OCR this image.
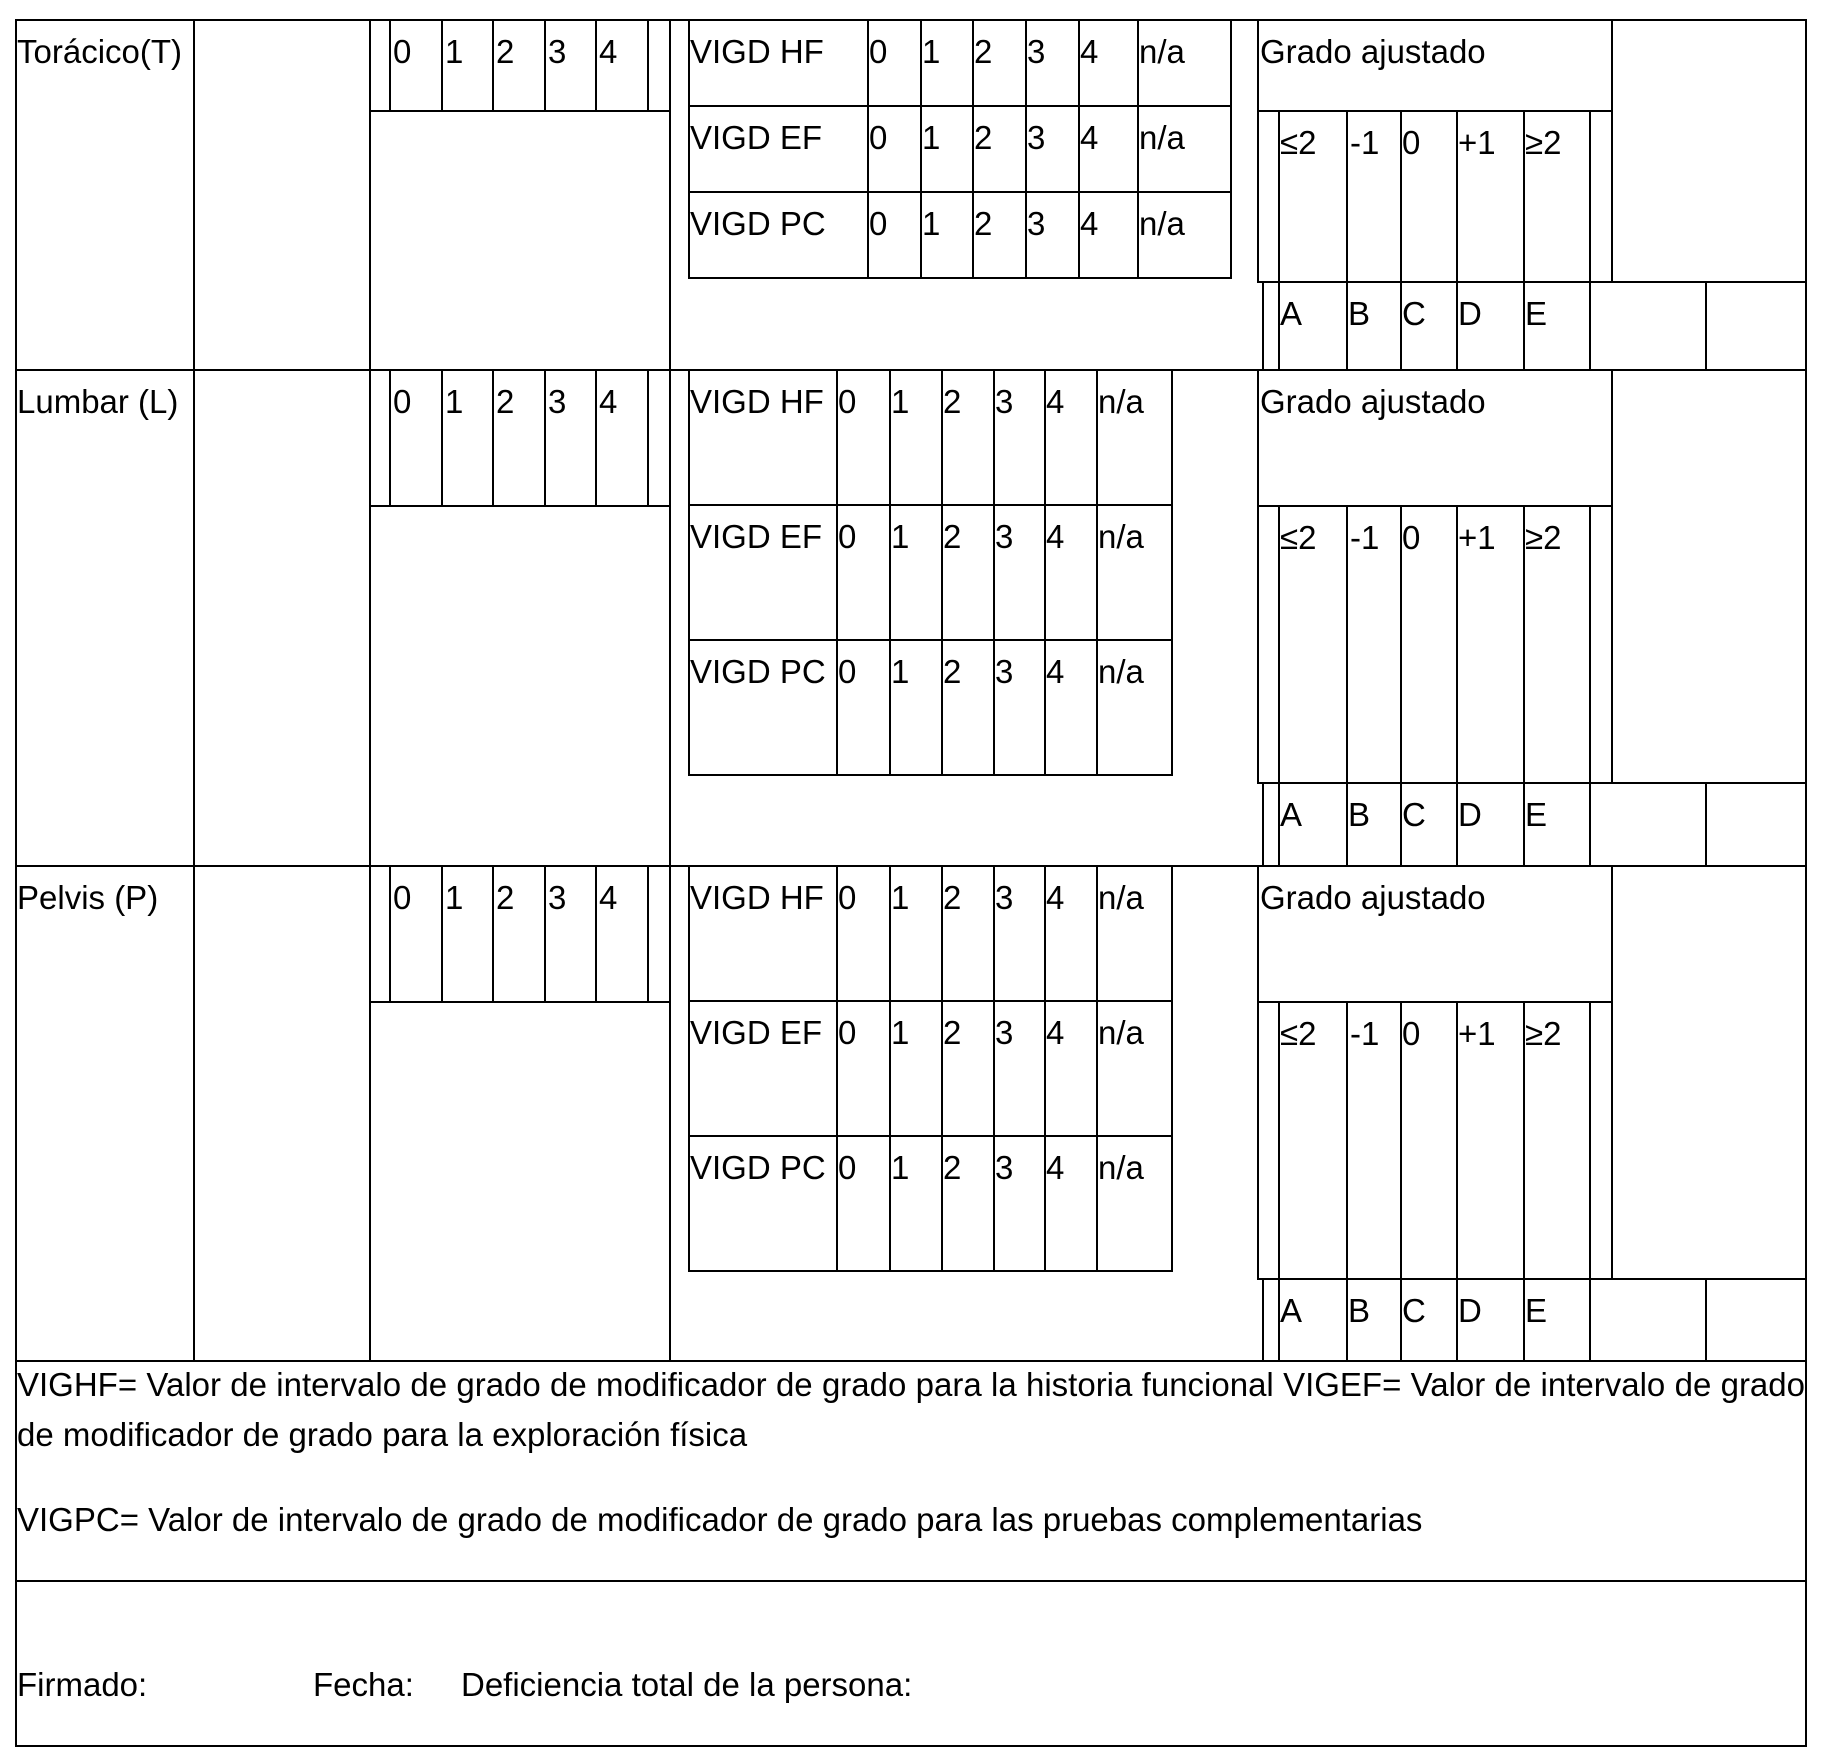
Torácico(T)	0 1 2 3 4 VIGD HF 0 1 2 3 4 n/a
VIGD EF 0 1 2 3 4 n/a
VIGD PC 0 1 2 3 4 n/a
Grado ajustado
≤2 -1 0 +1 ≥2
A B C D E
Lumbar (L)	0 1 2 3 4 VIGD HF 0 1 2 3 4 n/a
VIGD EF 0 1 2 3 4 n/a
VIGD PC 0 1 2 3 4 n/a
Grado ajustado
≤2 -1 0 +1 ≥2
A B C D E
Pelvis (P)	0 1 2 3 4 VIGD HF 0 1 2 3 4 n/a
VIGD EF 0 1 2 3 4 n/a
VIGD PC 0 1 2 3 4 n/a
Grado ajustado
≤2 -1 0 +1 ≥2
A B C D E
VIGHF= Valor de intervalo de grado de modificador de grado para la historia funcional VIGEF= Valor de intervalo de grado de modificador de grado para la exploración física
VIGPC= Valor de intervalo de grado de modificador de grado para las pruebas complementarias
Firmado:	Fecha: Deficiencia total de la persona:
